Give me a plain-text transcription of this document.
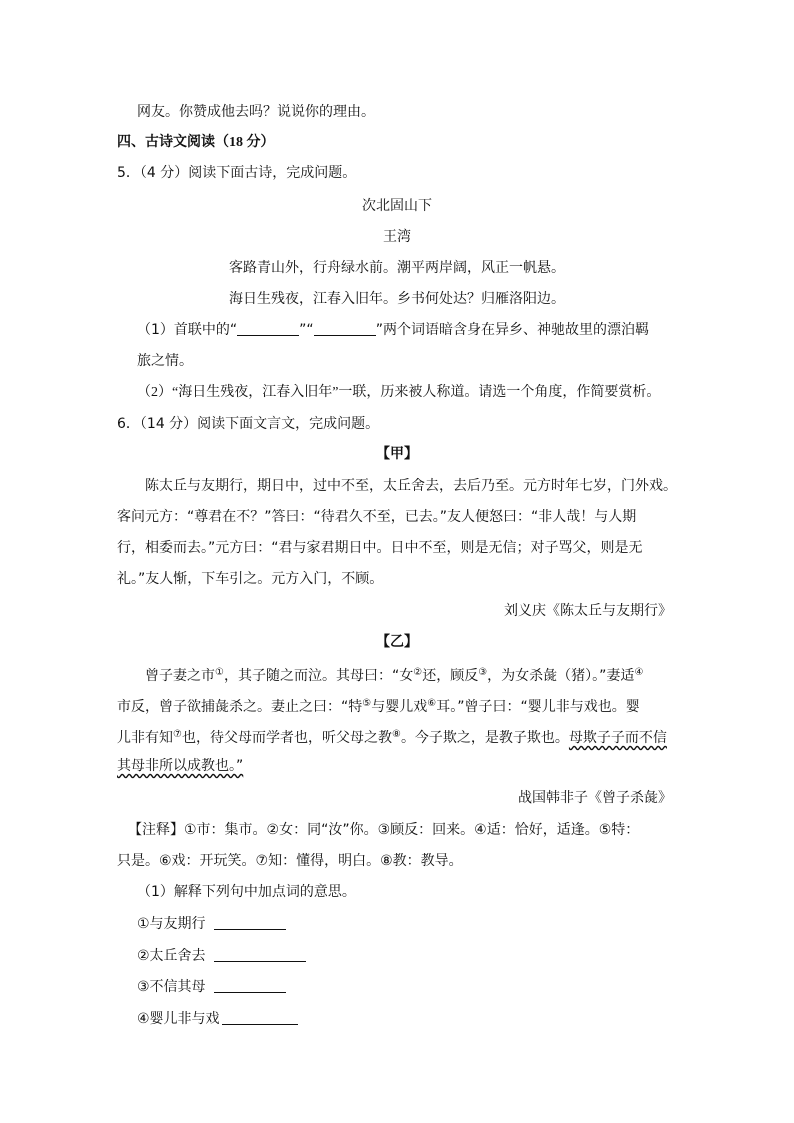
网友。你赞成他去吗？说说你的理由。
四、古诗文阅读（18 分）
5．（4 分）阅读下面古诗，完成问题。
次北固山下
王湾
客路青山外，行舟绿水前。潮平两岸阔，风正一帆悬。
海日生残夜，江春入旧年。乡书何处达？归雁洛阳边。
（1）首联中的“	”“	”两个词语暗含身在异乡、神驰故里的漂泊羁
旅之情。
（2）“海日生残夜，江春入旧年”一联，历来被人称道。请选一个角度，作简要赏析。
6．（14 分）阅读下面文言文，完成问题。
【甲】
陈太丘与友期行，期日中，过中不至，太丘舍去，去后乃至。元方时年七岁，门外戏。
客问元方：“尊君在不？”答曰：“待君久不至，已去。”友人便怒曰：“非人哉！与人期
行，相委而去。”元方曰：“君与家君期日中。日中不至，则是无信；对子骂父，则是无
礼。”友人惭，下车引之。元方入门，不顾。
刘义庆《陈太丘与友期行》
【乙】
曾子妻之市①，其子随之而泣。其母曰：“女②还，顾反③，为女杀彘（猪）。”妻适④
市反，曾子欲捕彘杀之。妻止之曰：“特⑤与婴儿戏⑥耳。”曾子曰：“婴儿非与戏也。婴
儿非有知⑦也，待父母而学者也，听父母之教⑧。今子欺之，是教子欺也。母欺子子而不信
其母非所以成教也。”
战国韩非子《曾子杀彘》
【注释】①市：集市。②女：同“汝”你。③顾反：回来。④适：恰好，适逢。⑤特：
只是。⑥戏：开玩笑。⑦知：懂得，明白。⑧教：教导。
（1）解释下列句中加点词的意思。
①与友期行
②太丘舍去
③不信其母
④婴儿非与戏
